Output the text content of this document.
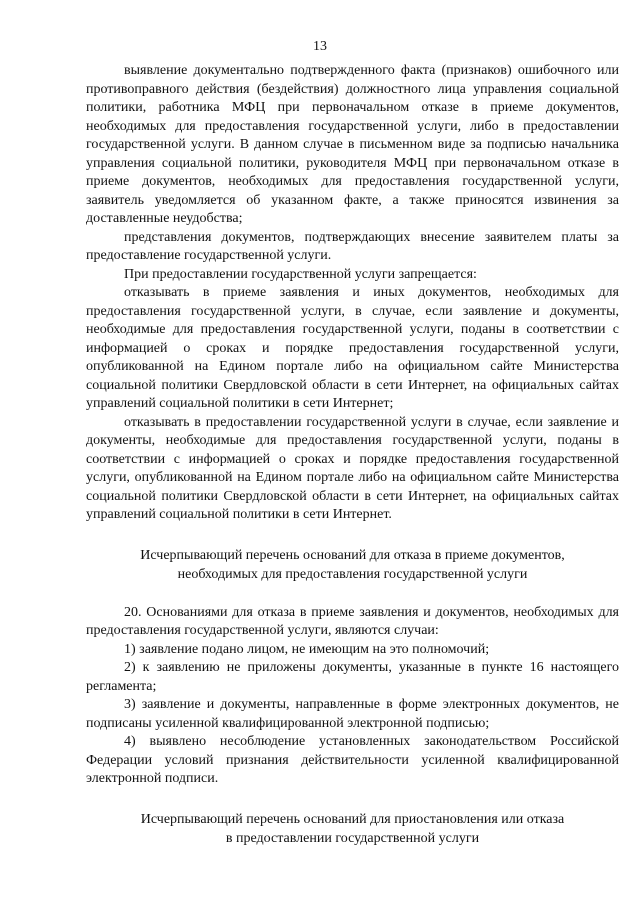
13

выявление документально подтвержденного факта (признаков) ошибочного или противоправного действия (бездействия) должностного лица управления социальной политики, работника МФЦ при первоначальном отказе в приеме документов, необходимых для предоставления государственной услуги, либо в предоставлении государственной услуги. В данном случае в письменном виде за подписью начальника управления социальной политики, руководителя МФЦ при первоначальном отказе в приеме документов, необходимых для предоставления государственной услуги, заявитель уведомляется об указанном факте, а также приносятся извинения за доставленные неудобства;

представления документов, подтверждающих внесение заявителем платы за предоставление государственной услуги.

При предоставлении государственной услуги запрещается:

отказывать в приеме заявления и иных документов, необходимых для предоставления государственной услуги, в случае, если заявление и документы, необходимые для предоставления государственной услуги, поданы в соответствии с информацией о сроках и порядке предоставления государственной услуги, опубликованной на Едином портале либо на официальном сайте Министерства социальной политики Свердловской области в сети Интернет, на официальных сайтах управлений социальной политики в сети Интернет;

отказывать в предоставлении государственной услуги в случае, если заявление и документы, необходимые для предоставления государственной услуги, поданы в соответствии с информацией о сроках и порядке предоставления государственной услуги, опубликованной на Едином портале либо на официальном сайте Министерства социальной политики Свердловской области в сети Интернет, на официальных сайтах управлений социальной политики в сети Интернет.

Исчерпывающий перечень оснований для отказа в приеме документов,

необходимых для предоставления государственной услуги

20. Основаниями для отказа в приеме заявления и документов, необходимых для предоставления государственной услуги, являются случаи:

1) заявление подано лицом, не имеющим на это полномочий;

2) к заявлению не приложены документы, указанные в пункте 16 настоящего регламента;

3) заявление и документы, направленные в форме электронных документов, не подписаны усиленной квалифицированной электронной подписью;

4) выявлено несоблюдение установленных законодательством Российской Федерации условий признания действительности усиленной квалифицированной электронной подписи.

Исчерпывающий перечень оснований для приостановления или отказа

в предоставлении государственной услуги
